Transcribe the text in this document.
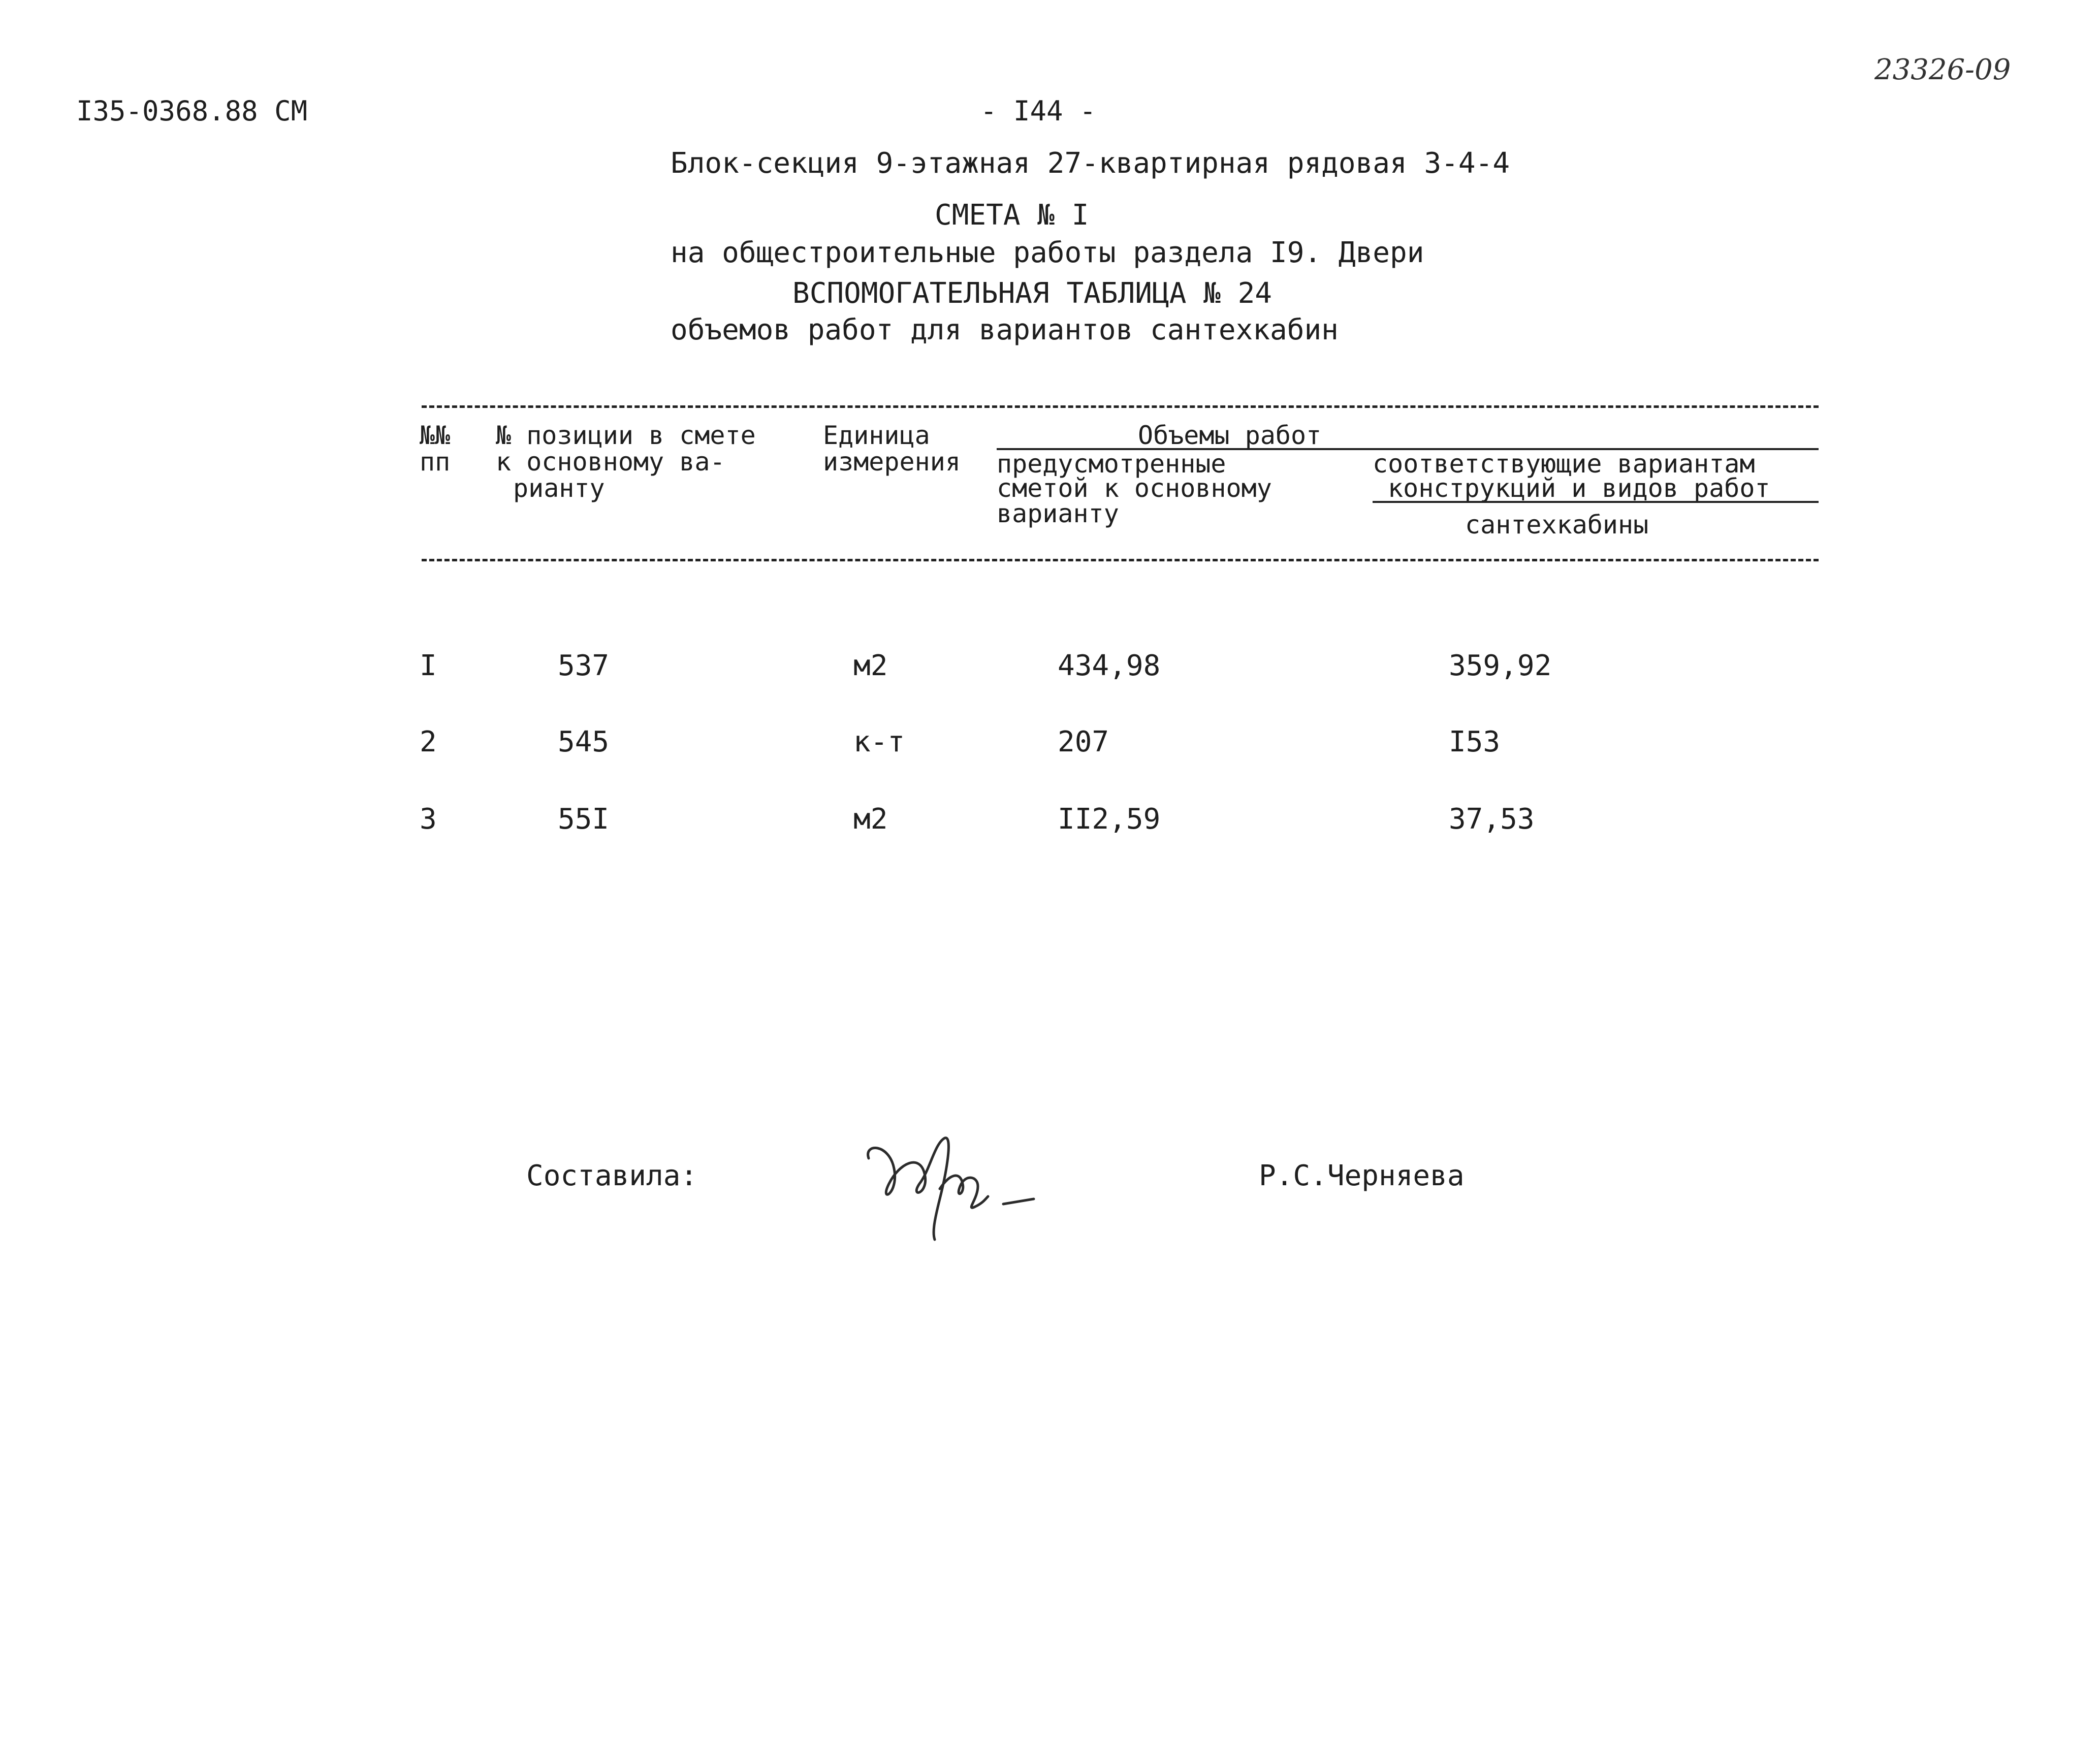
I35-0368.88 CM	- I44 -
23326-09
Блок-секция 9-этажная 27-квартирная рядовая 3-4-4
СМЕТА № I
на общестроительные работы раздела I9. Двери
ВСПОМОГАТЕЛЬНАЯ ТАБЛИЦА № 24
объемов работ для вариантов сантехкабин
№№
пп
№ позиции в смете
к основному ва-
рианту
Единица
измерения
Объемы работ
предусмотренные
сметой к основному
варианту
соответствующие вариантам
конструкций и видов работ
сантехкабины
I	537	м2	434,98	359,92
2	545	к-т	207	I53
3	55I	м2	II2,59	37,53
Составила:	Р.С.Черняева
